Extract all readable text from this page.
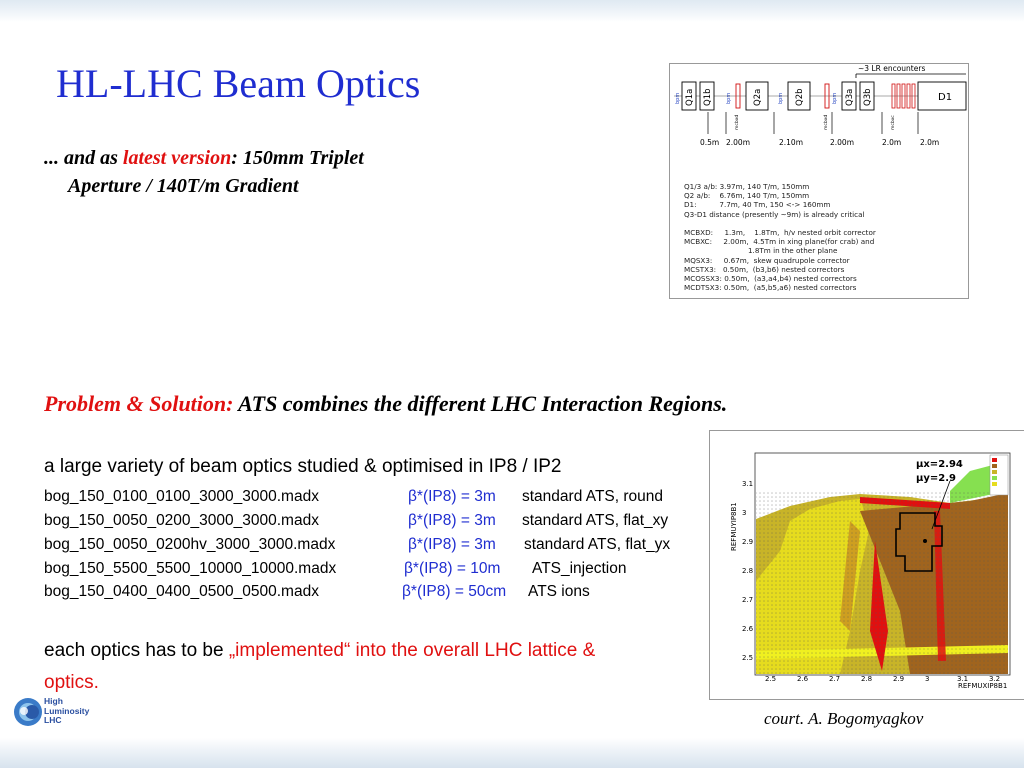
HL-LHC Beam Optics
... and as latest version: 150mm Triplet
Aperture / 140T/m Gradient
~3 LR encounters
Q1a Q1b	Q2a	Q2b	Q3a Q3b	D1
bpm	bpm	bpm	bpm
mcbxd	mcbxd	mcbxc
0.5m 2.00m	2.10m	2.00m	2.0m	2.0m
Q1/3 a/b: 3.97m, 140 T/m, 150mm
Q2 a/b:    6.76m, 140 T/m, 150mm
D1:          7.7m, 40 Tm, 150 <-> 160mm
Q3-D1 distance (presently ~9m) is already critical

MCBXD:     1.3m,    1.8Tm,  h/v nested orbit corrector
MCBXC:     2.00m,  4.5Tm in xing plane(for crab) and
1.8Tm in the other plane
MQSX3:     0.67m,  skew quadrupole corrector
MCSTX3:   0.50m,  (b3,b6) nested correctors
MCOSSX3: 0.50m,  (a3,a4,b4) nested correctors
MCDTSX3: 0.50m,  (a5,b5,a6) nested correctors
Problem & Solution: ATS combines the different LHC Interaction Regions.
a large variety of beam optics studied & optimised in IP8 / IP2
bog_150_0100_0100_3000_3000.madx	β*(IP8) = 3m standard ATS, round
bog_150_0050_0200_3000_3000.madx	β*(IP8) = 3m standard ATS, flat_xy
bog_150_0050_0200hv_3000_3000.madx	β*(IP8) = 3m standard ATS, flat_yx
bog_150_5500_5500_10000_10000.madx	β*(IP8) = 10m ATS_injection
bog_150_0400_0400_0500_0500.madx	β*(IP8) = 50cm ATS ions
each optics has to be „implemented“ into the overall LHC lattice & optics.
μx=2.94
μy=2.9
REFMUYIP8B1
REFMUXIP8B1
2.5	2.6	2.7	2.8	2.9	3	3.1	3.2
3.1
3
2.9
2.8
2.7
2.6
2.5
High
Luminosity
LHC	court. A. Bogomyagkov
